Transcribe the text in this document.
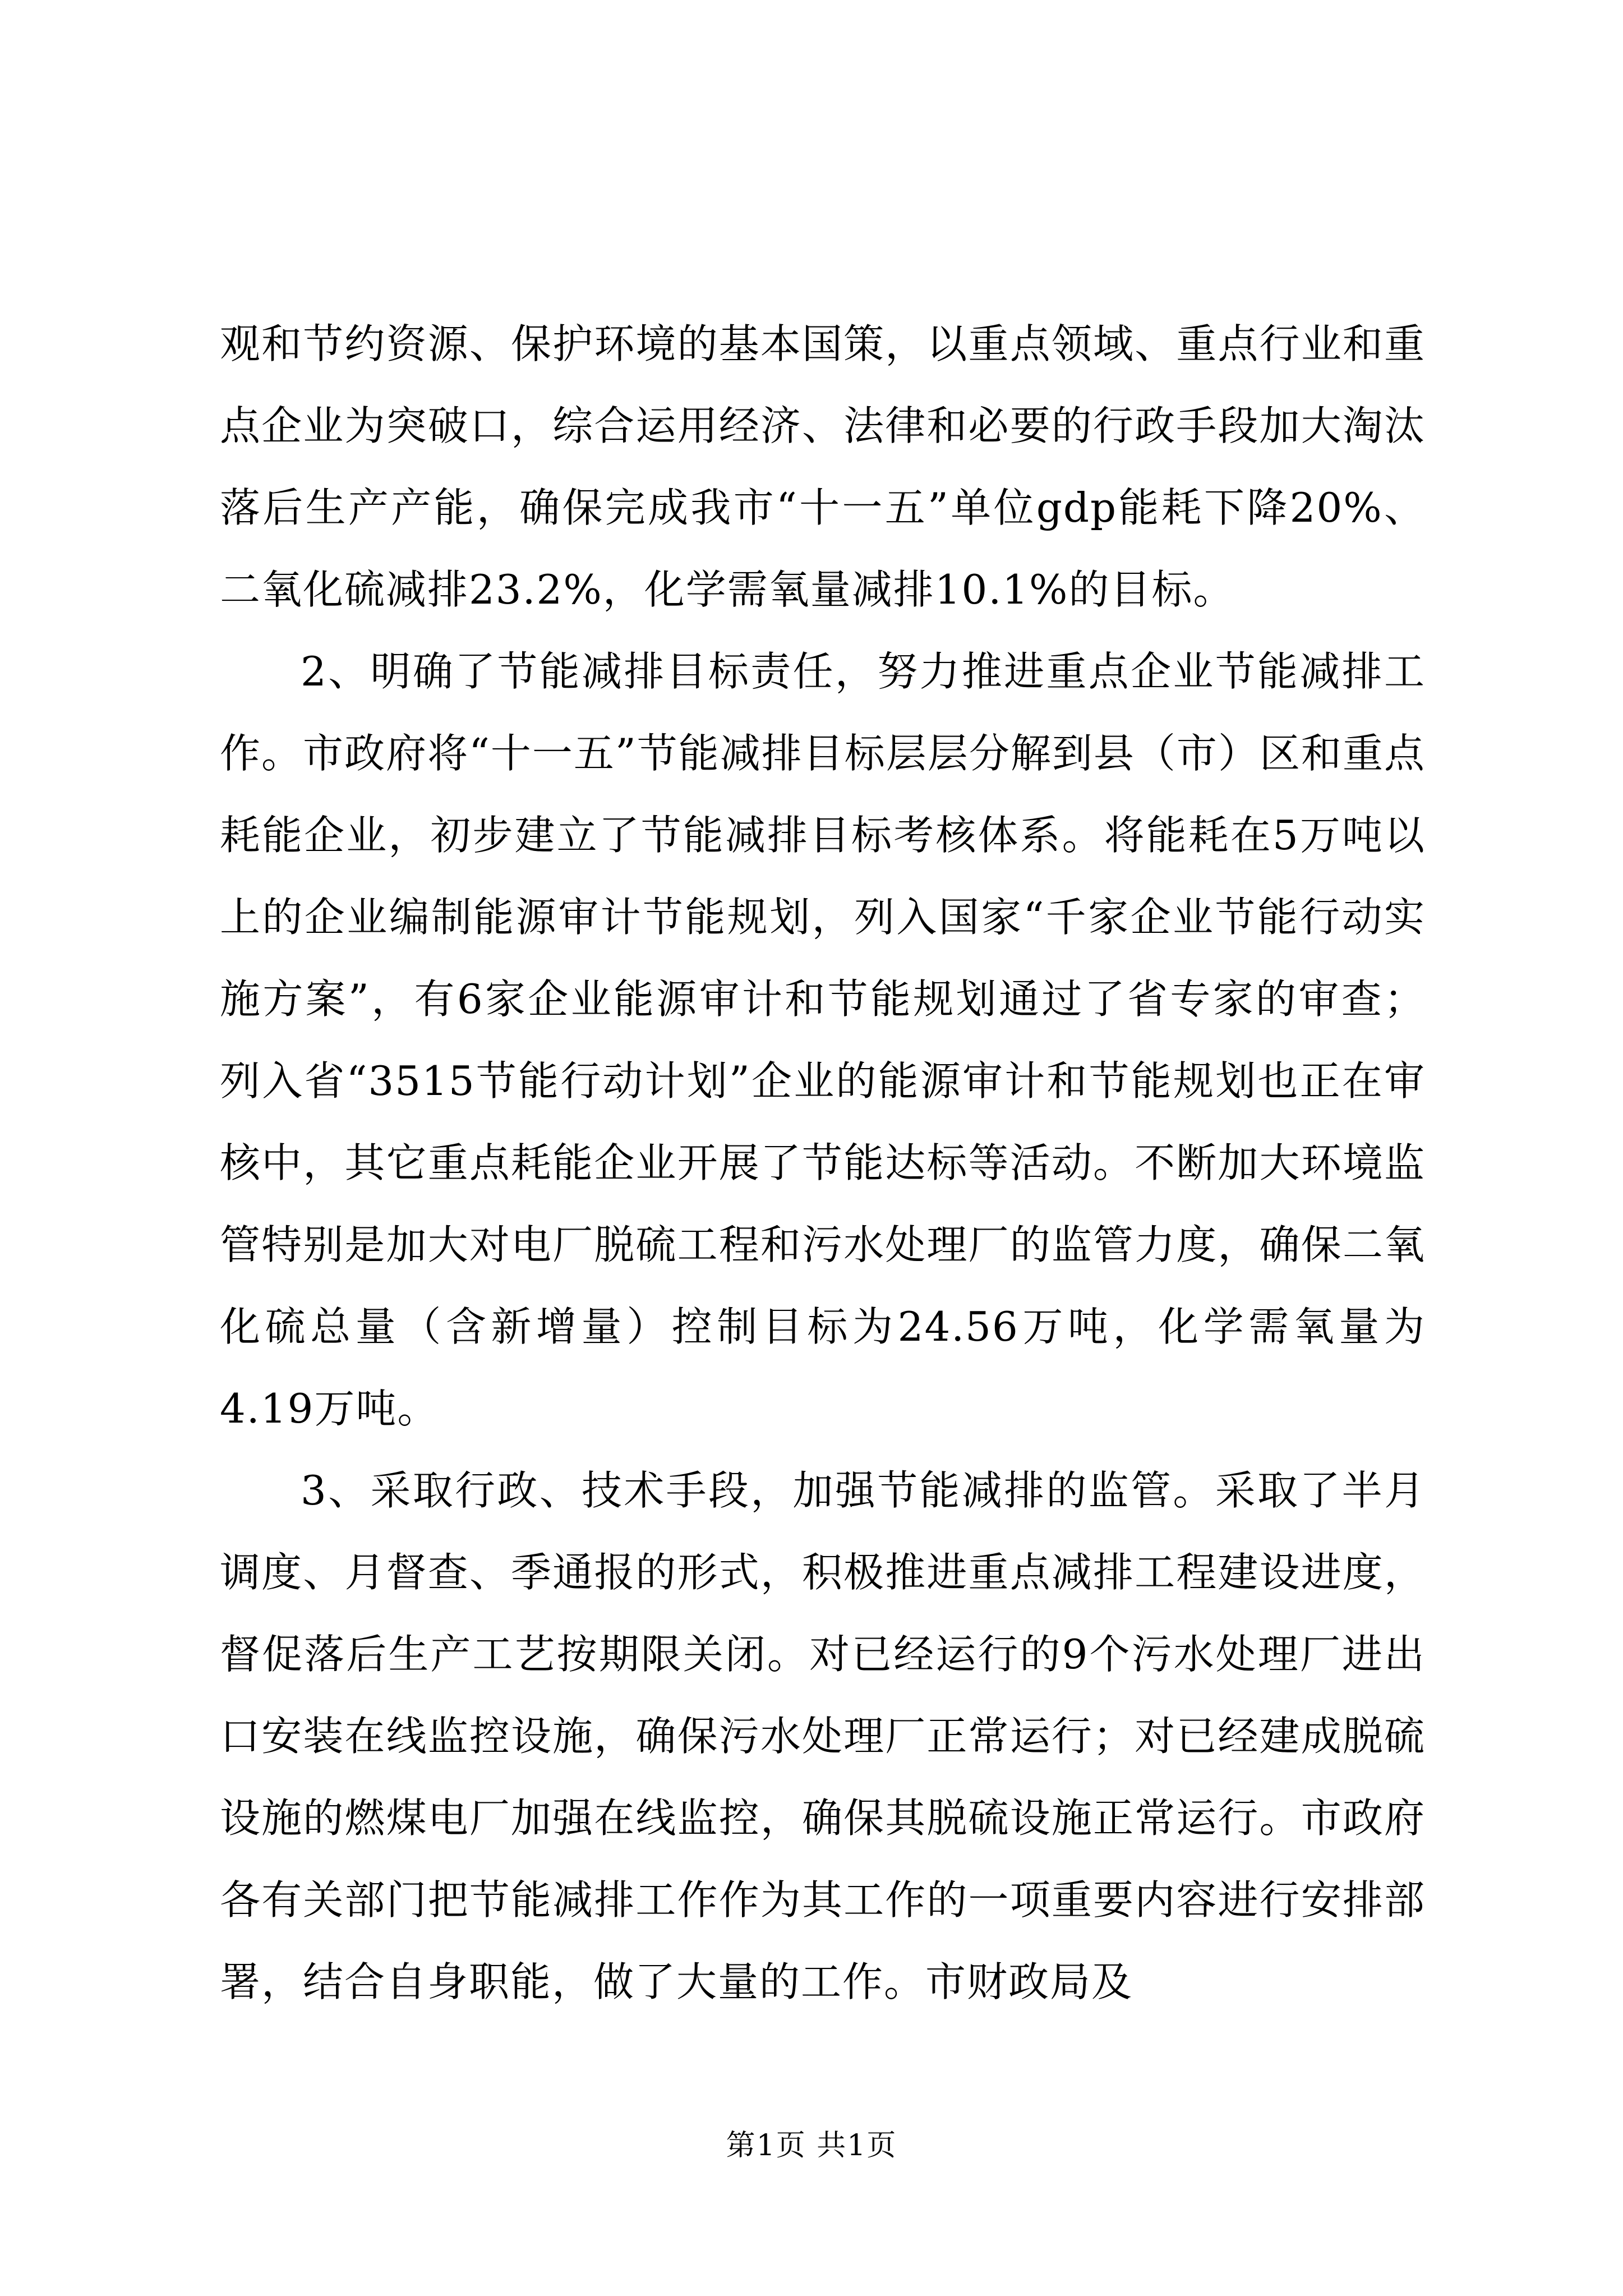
观和节约资源、保护环境的基本国策，以重点领域、重点行业和重点企业为突破口，综合运用经济、法律和必要的行政手段加大淘汰落后生产产能，确保完成我市“十一五”单位gdp能耗下降20%、二氧化硫减排23.2%，化学需氧量减排10.1%的目标。

2、明确了节能减排目标责任，努力推进重点企业节能减排工作。市政府将“十一五”节能减排目标层层分解到县（市）区和重点耗能企业，初步建立了节能减排目标考核体系。将能耗在5万吨以上的企业编制能源审计节能规划，列入国家“千家企业节能行动实施方案”，有6家企业能源审计和节能规划通过了省专家的审查；列入省“3515节能行动计划”企业的能源审计和节能规划也正在审核中，其它重点耗能企业开展了节能达标等活动。不断加大环境监管特别是加大对电厂脱硫工程和污水处理厂的监管力度，确保二氧化硫总量（含新增量）控制目标为24.56万吨，化学需氧量为4.19万吨。

3、采取行政、技术手段，加强节能减排的监管。采取了半月调度、月督查、季通报的形式，积极推进重点减排工程建设进度，督促落后生产工艺按期限关闭。对已经运行的9个污水处理厂进出口安装在线监控设施，确保污水处理厂正常运行；对已经建成脱硫设施的燃煤电厂加强在线监控，确保其脱硫设施正常运行。市政府各有关部门把节能减排工作作为其工作的一项重要内容进行安排部署，结合自身职能，做了大量的工作。市财政局及

第1页 共1页
